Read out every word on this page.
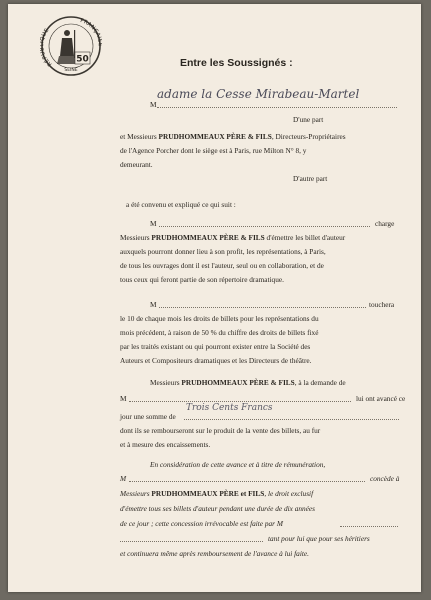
RÉPU QUE
FRANÇAI
50
SEINE
Entre les Soussignés :
M
adame la Cesse Mirabeau-Martel
D'une part
et Messieurs PRUDHOMMEAUX PÈRE & FILS, Directeurs-Propriétaires
de l'Agence Porcher dont le siège est à Paris, rue Milton N° 8, y
demeurant.
D'autre part
a été convenu et expliqué ce qui suit :
M	charge
Messieurs PRUDHOMMEAUX PÈRE & FILS d'émettre les billet d'auteur
auxquels pourront donner lieu à son profit, les représentations, à Paris,
de tous les ouvrages dont il est l'auteur, seul ou en collaboration, et de
tous ceux qui feront partie de son répertoire dramatique.
M	touchera
le 10 de chaque mois les droits de billets pour les représentations du
mois précédent, à raison de 50 % du chiffre des droits de billets fixé
par les traités existant ou qui pourront exister entre la Société des
Auteurs et Compositeurs dramatiques et les Directeurs de théâtre.
Messieurs PRUDHOMMEAUX PÈRE & FILS, à la demande de
M	lui ont avancé ce
jour une somme de
Trois Cents Francs
dont ils se rembourseront sur le produit de la vente des billets, au fur
et à mesure des encaissements.
En considération de cette avance et à titre de rémunération,
M	concède à
Messieurs PRUDHOMMEAUX PÈRE et FILS, le droit exclusif
d'émettre tous ses billets d'auteur pendant une durée de dix années
de ce jour ; cette concession irrévocable est faite par M
tant pour lui que pour ses héritiers
et continuera même après remboursement de l'avance à lui faite.
